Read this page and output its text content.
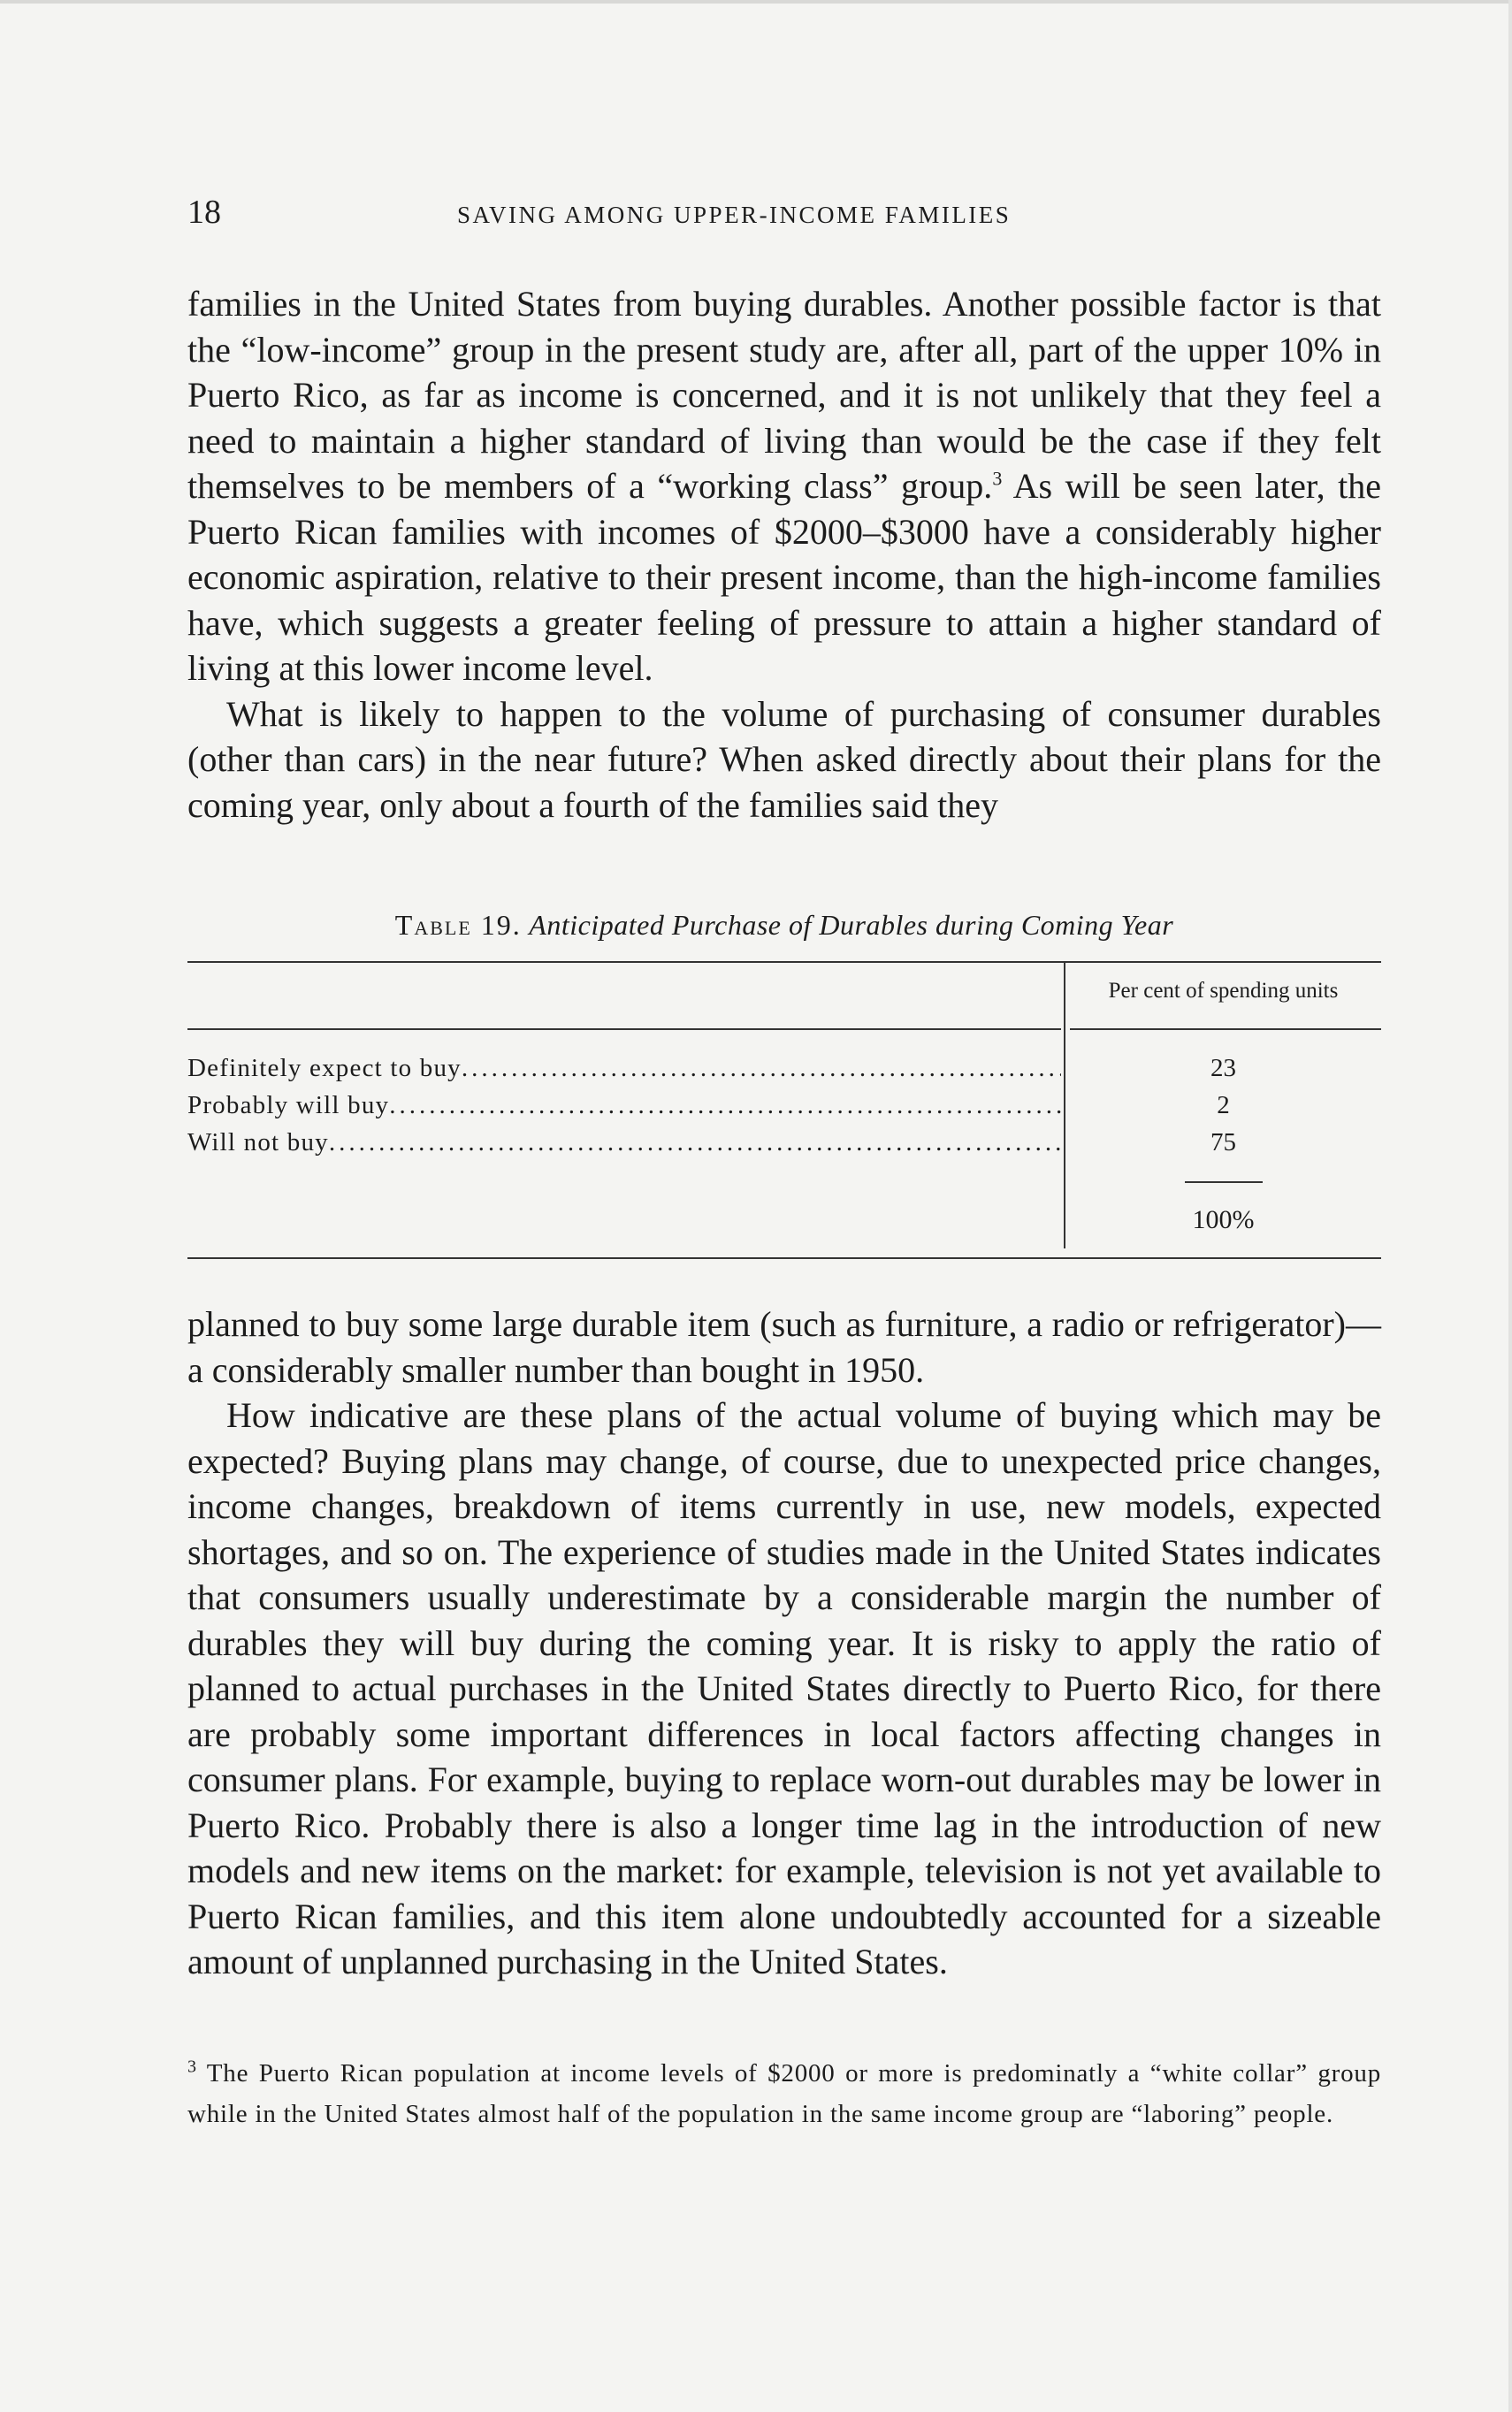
18	SAVING AMONG UPPER-INCOME FAMILIES

families in the United States from buying durables. Another possible factor is that the “low-income” group in the present study are, after all, part of the upper 10% in Puerto Rico, as far as income is concerned, and it is not unlikely that they feel a need to maintain a higher standard of living than would be the case if they felt themselves to be members of a “working class” group.$^3$ As will be seen later, the Puerto Rican families with incomes of $2000–$3000 have a considerably higher economic aspiration, relative to their present income, than the high-income families have, which suggests a greater feeling of pressure to attain a higher standard of living at this lower income level.

What is likely to happen to the volume of purchasing of consumer durables (other than cars) in the near future? When asked directly about their plans for the coming year, only about a fourth of the families said they

Table 19. Anticipated Purchase of Durables during Coming Year
Per cent of spending units
Definitely expect to buy .....	23
Probably will buy .....	2
Will not buy .....	75
100%

planned to buy some large durable item (such as furniture, a radio or refrigerator)—a considerably smaller number than bought in 1950.

How indicative are these plans of the actual volume of buying which may be expected? Buying plans may change, of course, due to unexpected price changes, income changes, breakdown of items currently in use, new models, expected shortages, and so on. The experience of studies made in the United States indicates that consumers usually underestimate by a considerable margin the number of durables they will buy during the coming year. It is risky to apply the ratio of planned to actual purchases in the United States directly to Puerto Rico, for there are probably some important differences in local factors affecting changes in consumer plans. For example, buying to replace worn-out durables may be lower in Puerto Rico. Probably there is also a longer time lag in the introduction of new models and new items on the market: for example, television is not yet available to Puerto Rican families, and this item alone undoubtedly accounted for a sizeable amount of unplanned purchasing in the United States.

$^3$ The Puerto Rican population at income levels of $2000 or more is predominatly a “white collar” group while in the United States almost half of the population in the same income group are “laboring” people.
